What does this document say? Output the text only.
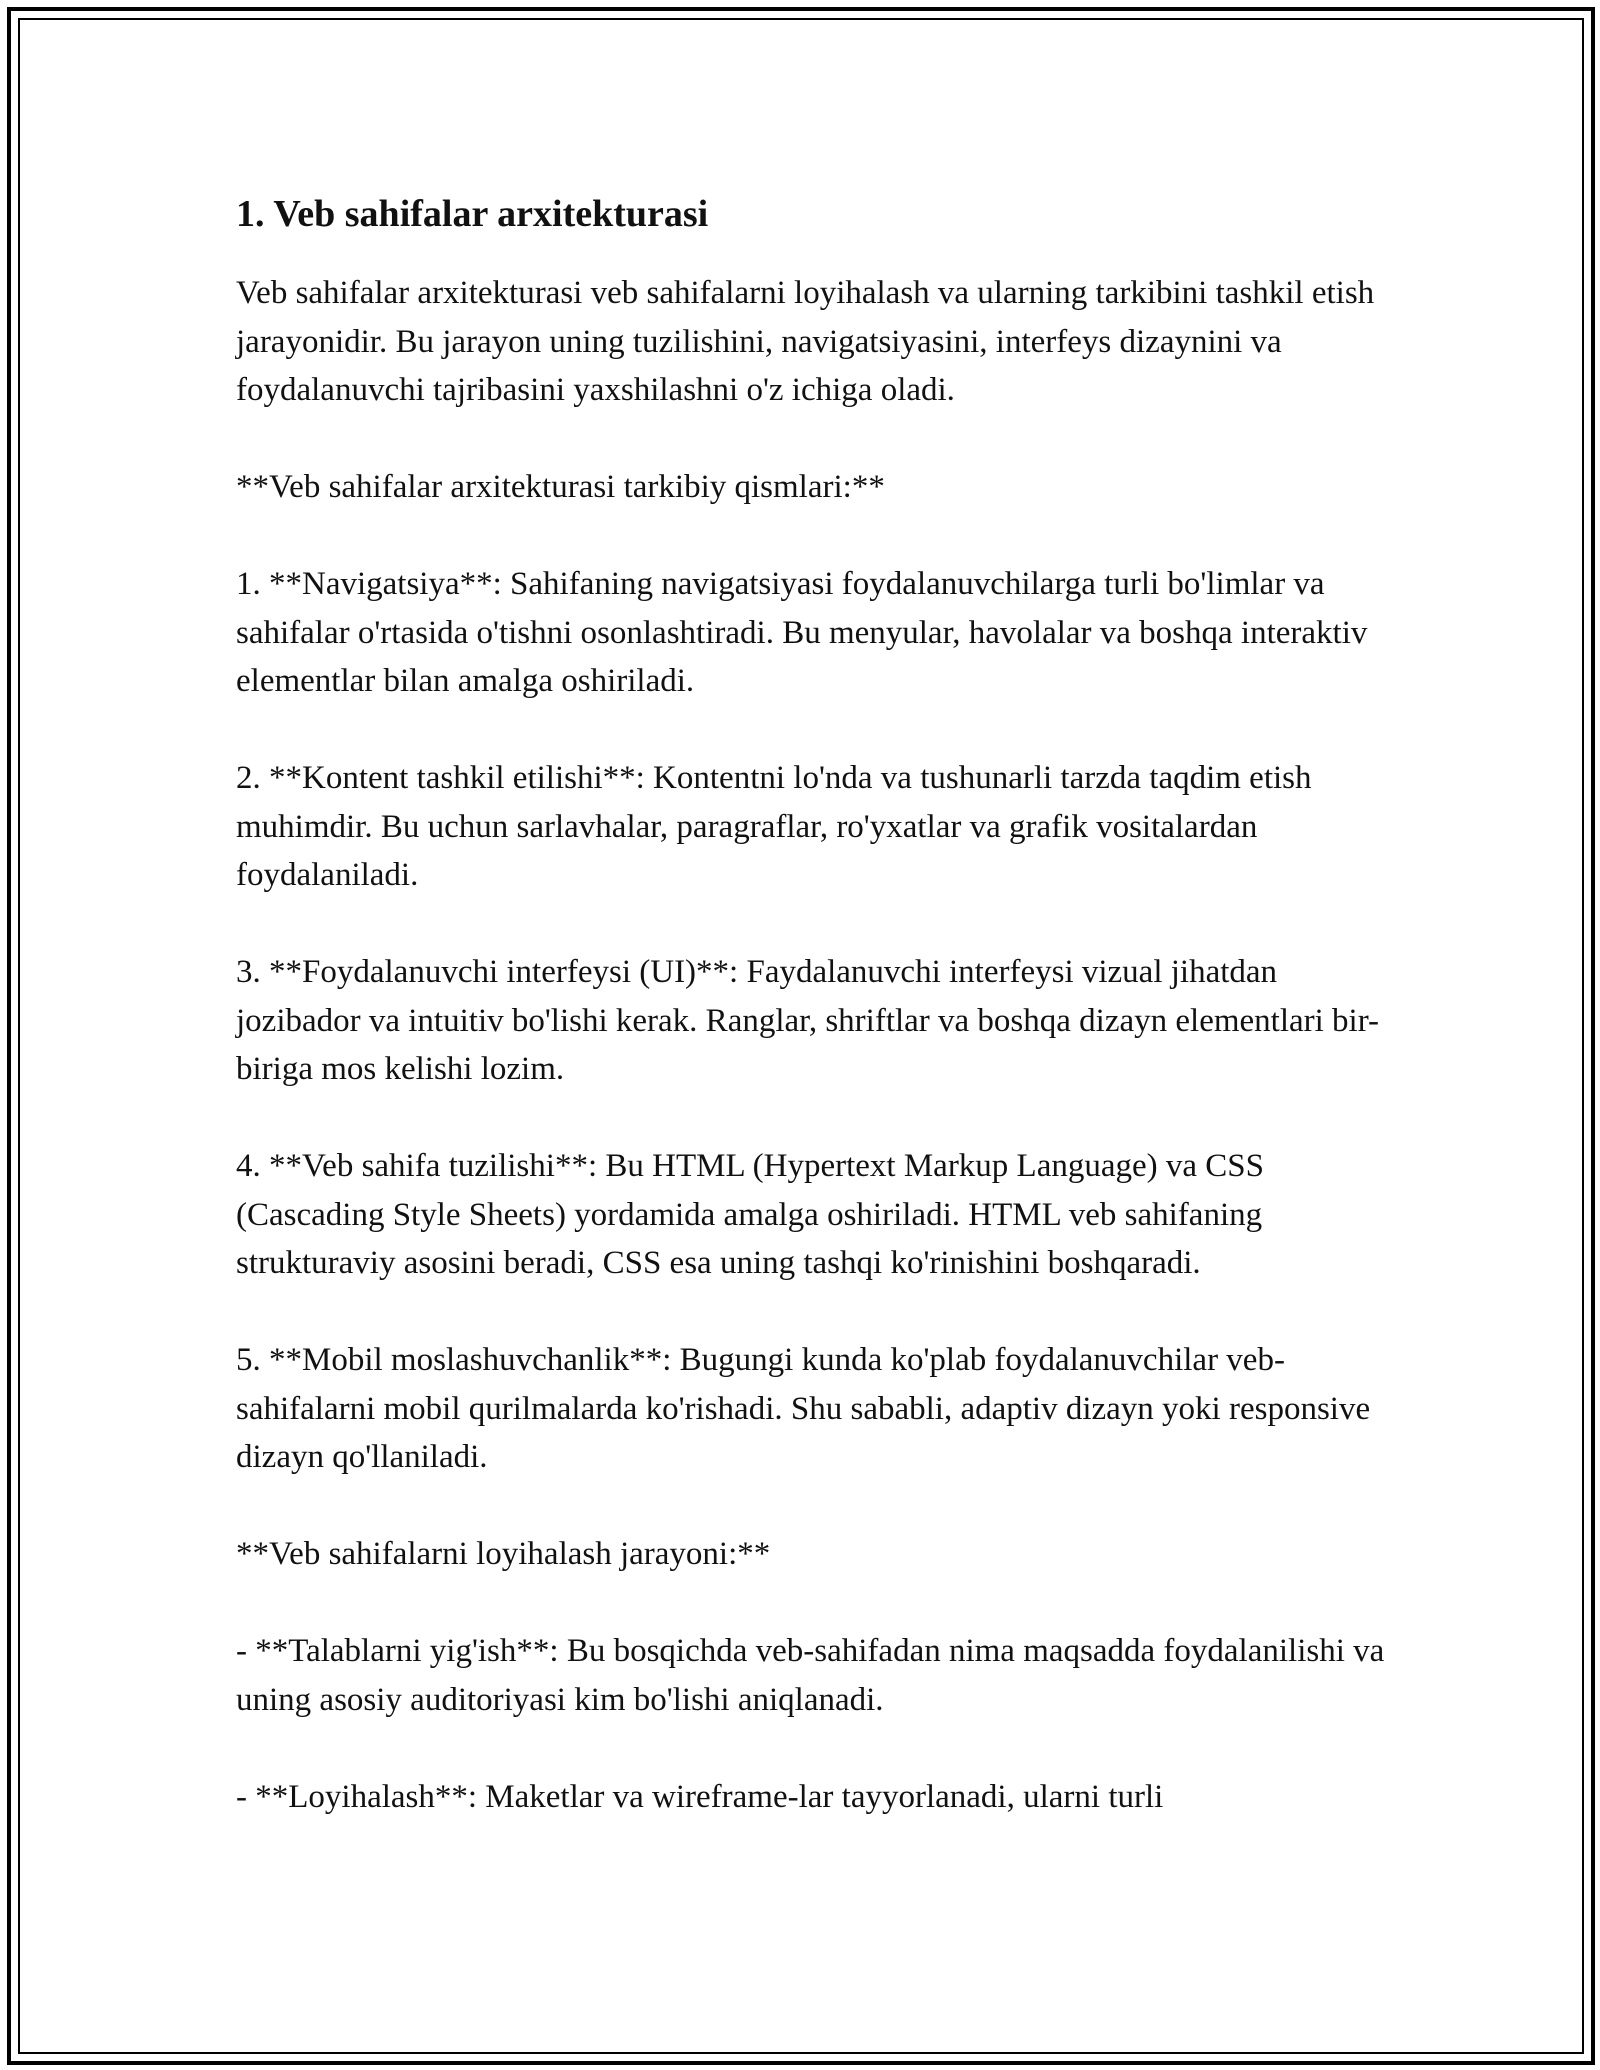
1. Veb sahifalar arxitekturasi

Veb sahifalar arxitekturasi veb sahifalarni loyihalash va ularning tarkibini tashkil etish jarayonidir. Bu jarayon uning tuzilishini, navigatsiyasini, interfeys dizaynini va foydalanuvchi tajribasini yaxshilashni o'z ichiga oladi.

**Veb sahifalar arxitekturasi tarkibiy qismlari:**

1. **Navigatsiya**: Sahifaning navigatsiyasi foydalanuvchilarga turli bo'limlar va sahifalar o'rtasida o'tishni osonlashtiradi. Bu menyular, havolalar va boshqa interaktiv elementlar bilan amalga oshiriladi.

2. **Kontent tashkil etilishi**: Kontentni lo'nda va tushunarli tarzda taqdim etish muhimdir. Bu uchun sarlavhalar, paragraflar, ro'yxatlar va grafik vositalardan foydalaniladi.

3. **Foydalanuvchi interfeysi (UI)**: Faydalanuvchi interfeysi vizual jihatdan jozibador va intuitiv bo'lishi kerak. Ranglar, shriftlar va boshqa dizayn elementlari bir-biriga mos kelishi lozim.

4. **Veb sahifa tuzilishi**: Bu HTML (Hypertext Markup Language) va CSS (Cascading Style Sheets) yordamida amalga oshiriladi. HTML veb sahifaning strukturaviy asosini beradi, CSS esa uning tashqi ko'rinishini boshqaradi.

5. **Mobil moslashuvchanlik**: Bugungi kunda ko'plab foydalanuvchilar veb-sahifalarni mobil qurilmalarda ko'rishadi. Shu sababli, adaptiv dizayn yoki responsive dizayn qo'llaniladi.

**Veb sahifalarni loyihalash jarayoni:**

- **Talablarni yig'ish**: Bu bosqichda veb-sahifadan nima maqsadda foydalanilishi va uning asosiy auditoriyasi kim bo'lishi aniqlanadi.

- **Loyihalash**: Maketlar va wireframe-lar tayyorlanadi, ularni turli
